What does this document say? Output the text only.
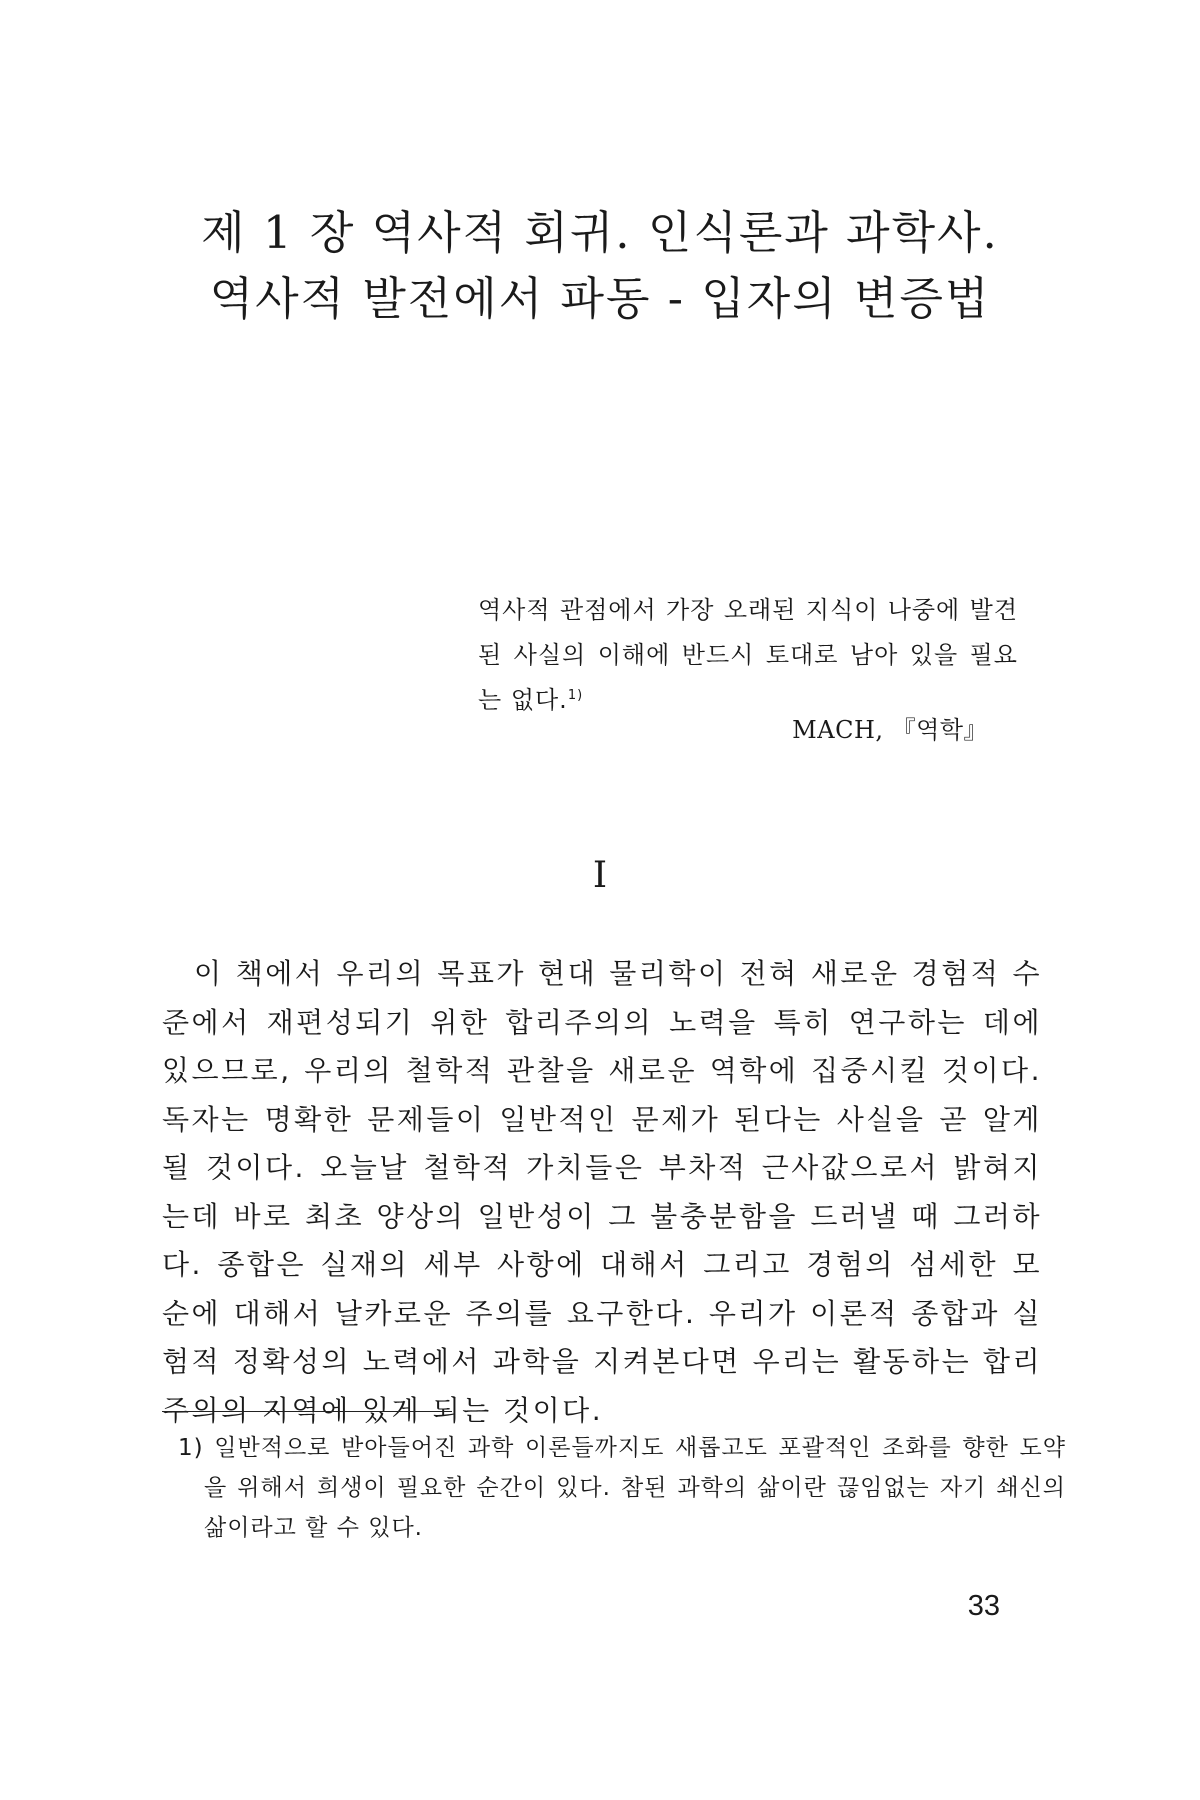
제 1 장 역사적 회귀. 인식론과 과학사.
역사적 발전에서 파동 - 입자의 변증법
역사적 관점에서 가장 오래된 지식이 나중에 발견된 사실의 이해에 반드시 토대로 남아 있을 필요는 없다.$^{1)}$
MACH, 『역학』
I

이 책에서 우리의 목표가 현대 물리학이 전혀 새로운 경험적 수준에서 재편성되기 위한 합리주의의 노력을 특히 연구하는 데에 있으므로, 우리의 철학적 관찰을 새로운 역학에 집중시킬 것이다. 독자는 명확한 문제들이 일반적인 문제가 된다는 사실을 곧 알게 될 것이다. 오늘날 철학적 가치들은 부차적 근사값으로서 밝혀지는데 바로 최초 양상의 일반성이 그 불충분함을 드러낼 때 그러하다. 종합은 실재의 세부 사항에 대해서 그리고 경험의 섬세한 모순에 대해서 날카로운 주의를 요구한다. 우리가 이론적 종합과 실험적 정확성의 노력에서 과학을 지켜본다면 우리는 활동하는 합리주의의 지역에 있게 되는 것이다.

1) 일반적으로 받아들어진 과학 이론들까지도 새롭고도 포괄적인 조화를 향한 도약을 위해서 희생이 필요한 순간이 있다. 참된 과학의 삶이란 끊임없는 자기 쇄신의 삶이라고 할 수 있다.

33
